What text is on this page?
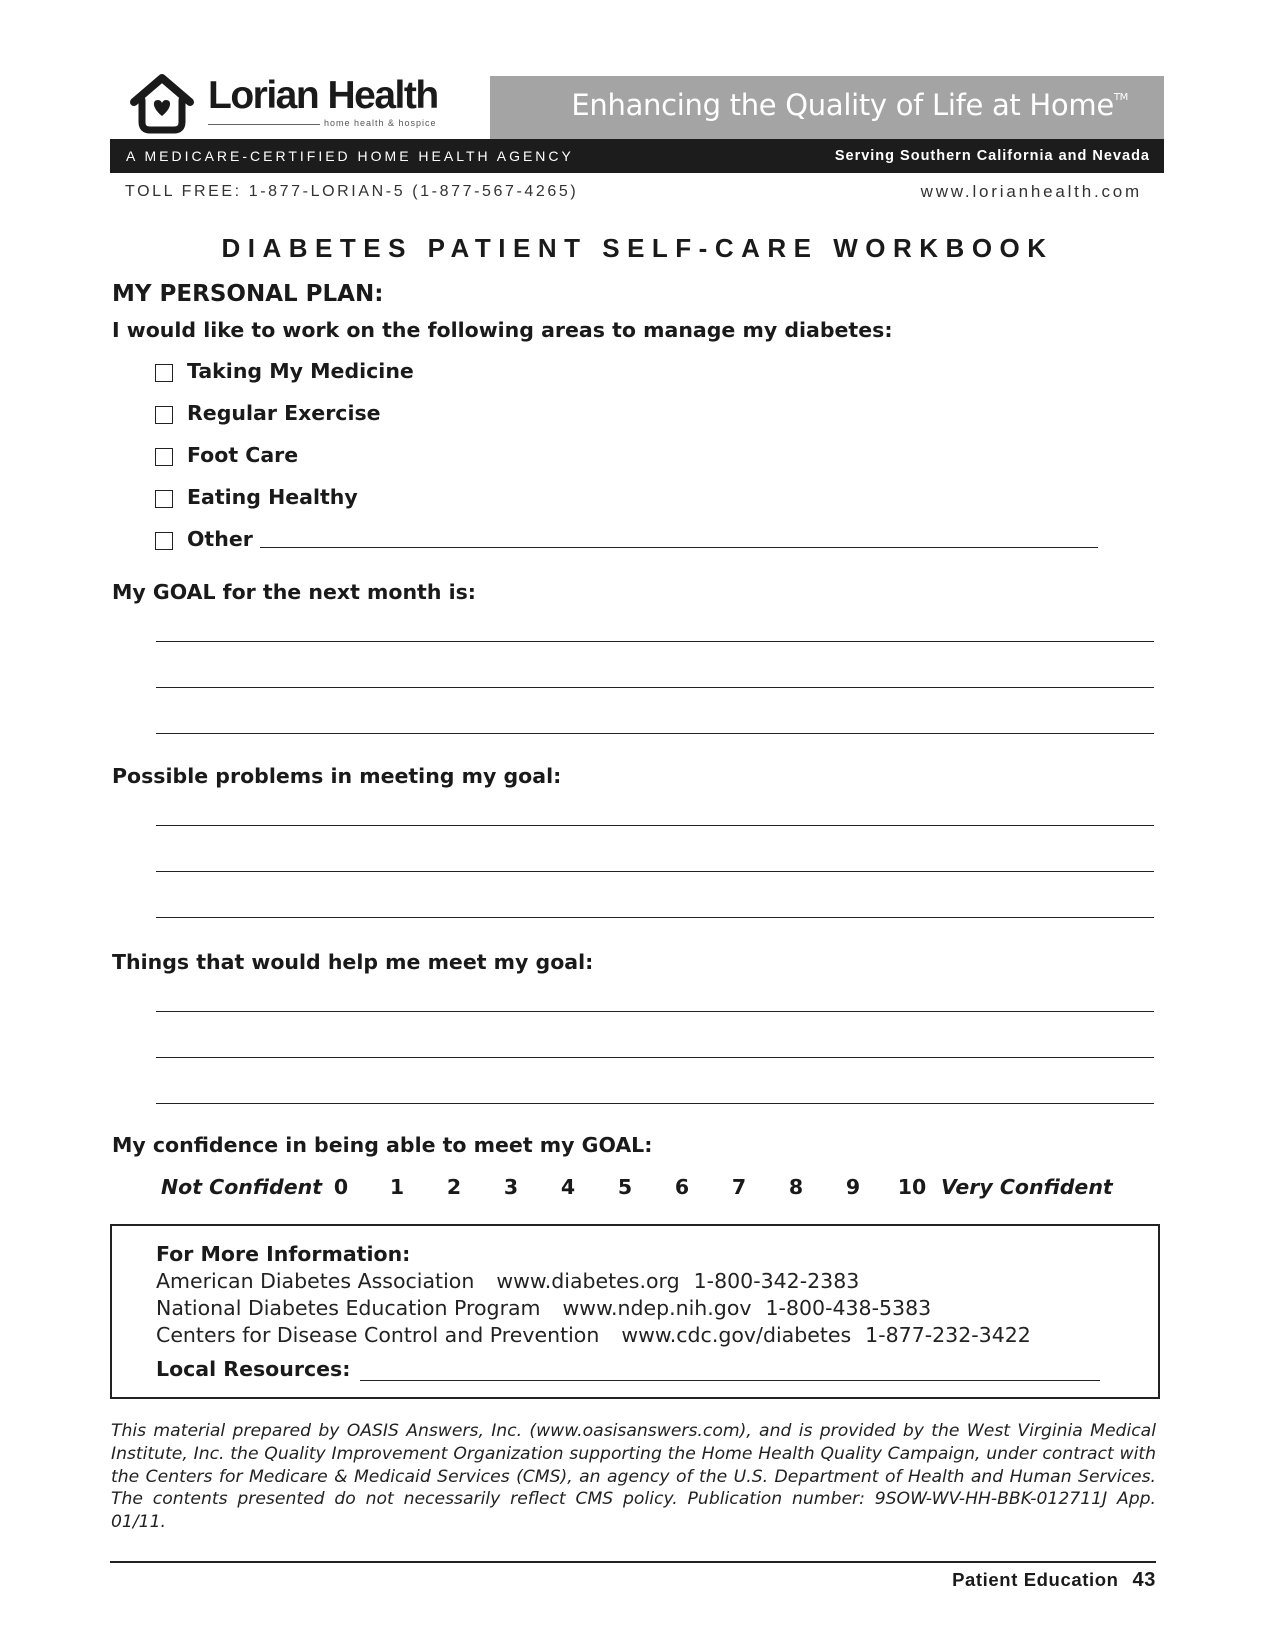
Lorian Health
home health & hospice
Enhancing the Quality of Life at Home™
A MEDICARE-CERTIFIED HOME HEALTH AGENCY	Serving Southern California and Nevada
TOLL FREE: 1-877-LORIAN-5 (1-877-567-4265)	www.lorianhealth.com
DIABETES PATIENT SELF-CARE WORKBOOK
MY PERSONAL PLAN:
I would like to work on the following areas to manage my diabetes:
Taking My Medicine
Regular Exercise
Foot Care
Eating Healthy
Other
My GOAL for the next month is:
Possible problems in meeting my goal:
Things that would help me meet my goal:
My confidence in being able to meet my GOAL:
Not Confident 0 1 2 3 4 5 6 7 8 9 10 Very Confident
For More Information:
American Diabetes Association www.diabetes.org 1-800-342-2383
National Diabetes Education Program www.ndep.nih.gov 1-800-438-5383
Centers for Disease Control and Prevention www.cdc.gov/diabetes 1-877-232-3422
Local Resources:
This material prepared by OASIS Answers, Inc. (www.oasisanswers.com), and is provided by the West Virginia Medical Institute, Inc. the Quality Improvement Organization supporting the Home Health Quality Campaign, under contract with the Centers for Medicare & Medicaid Services (CMS), an agency of the U.S. Department of Health and Human Services. The contents presented do not necessarily reflect CMS policy. Publication number: 9SOW-WV-HH-BBK-012711J App. 01/11.
Patient Education 43
